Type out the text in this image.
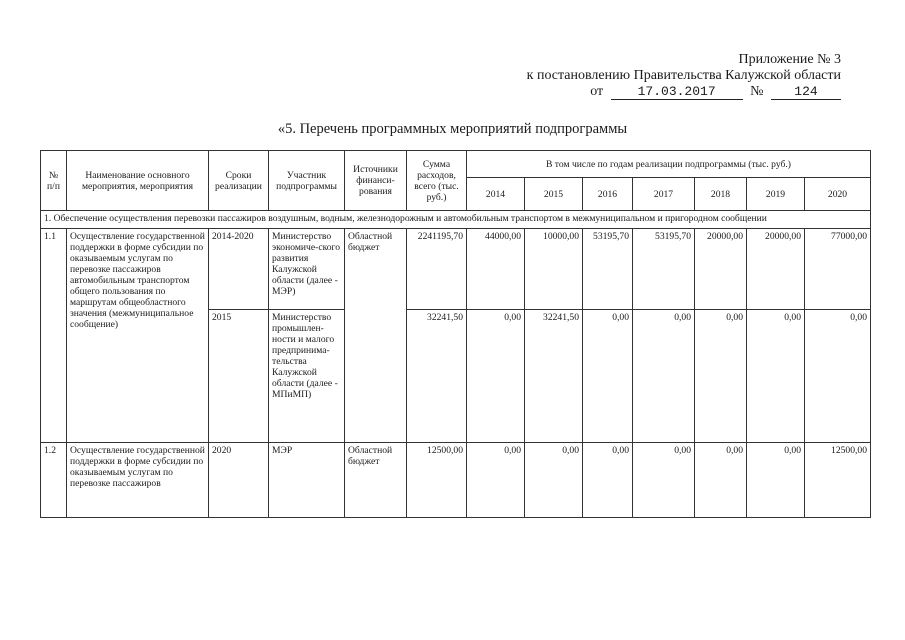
Приложение № 3
к постановлению Правительства Калужской области
от	17.03.2017 № 124
«5. Перечень программных мероприятий подпрограммы
№ п/п	Наименование основного мероприятия, мероприятия	Сроки реализации	Участник подпрограммы	Источники финанси-рования	Сумма расходов, всего (тыс. руб.)	В том числе по годам реализации подпрограммы (тыс. руб.)						
						2014	2015	2016	2017	2018	2019	2020
1. Обеспечение осуществления перевозки пассажиров воздушным, водным, железнодорожным и автомобильным транспортом в межмуниципальном и пригородном сообщении												
1.1	Осуществление государственной поддержки в форме субсидии по оказываемым услугам по перевозке пассажиров автомобильным транспортом общего пользования по маршрутам общеобластного значения (межмуниципальное сообщение)	2014-2020	Министерство экономиче-ского развития Калужской области (далее - МЭР)	Областной бюджет	2241195,70	44000,00	10000,00	53195,70	53195,70	20000,00	20000,00	77000,00
		2015	Министерство промышлен-ности и малого предпринима-тельства Калужской области (далее - МПиМП)		32241,50	0,00	32241,50	0,00	0,00	0,00	0,00	0,00
1.2	Осуществление государственной поддержки в форме субсидии по оказываемым услугам по перевозке пассажиров	2020	МЭР	Областной бюджет	12500,00	0,00	0,00	0,00	0,00	0,00	0,00	12500,00
